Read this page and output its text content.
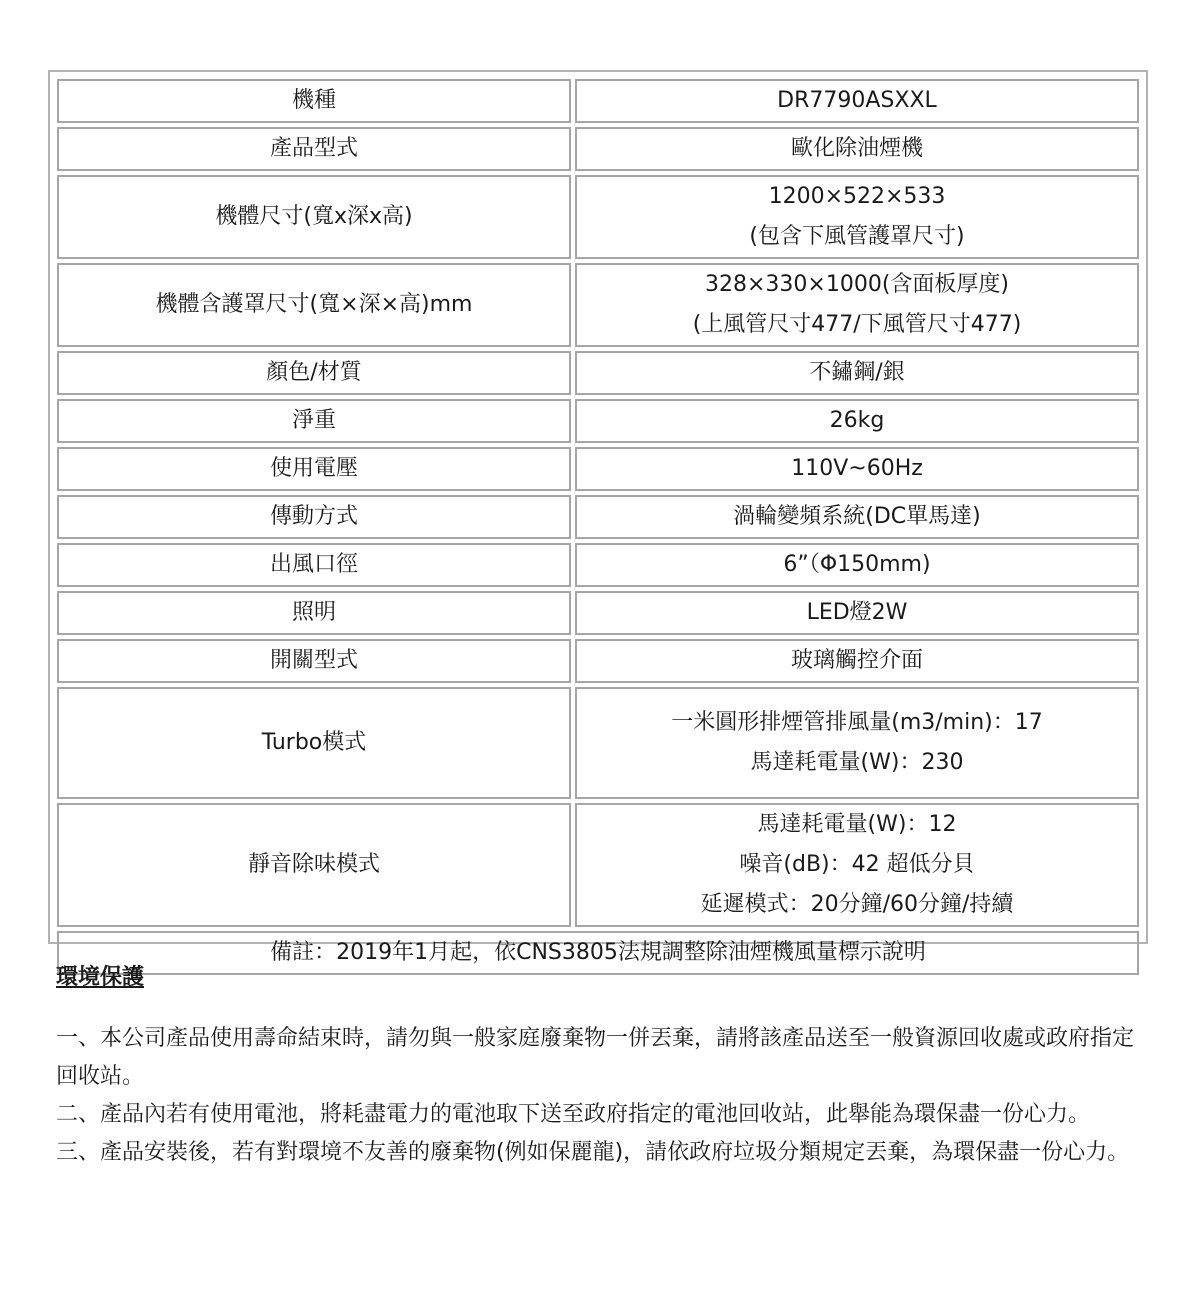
機種	DR7790ASXXL

產品型式	歐化除油煙機

機體尺寸(寬x深x高)	1200×522×533
(包含下風管護罩尺寸)

機體含護罩尺寸(寬×深×高)mm	328×330×1000(含面板厚度)
(上風管尺寸477/下風管尺寸477)

顏色/材質	不鏽鋼/銀

淨重	26kg

使用電壓	110V~60Hz

傳動方式	渦輪變頻系統(DC單馬達)

出風口徑	6”（Φ150mm)

照明	LED燈2W

開關型式	玻璃觸控介面

Turbo模式	一米圓形排煙管排風量(m3/min)：17
馬達耗電量(W)：230

靜音除味模式	馬達耗電量(W)：12
噪音(dB)：42 超低分貝
延遲模式：20分鐘/60分鐘/持續

備註：2019年1月起，依CNS3805法規調整除油煙機風量標示說明	
環境保護

一、本公司產品使用壽命結束時，請勿與一般家庭廢棄物一併丟棄，請將該產品送至一般資源回收處或政府指定回收站。

二、產品內若有使用電池，將耗盡電力的電池取下送至政府指定的電池回收站，此舉能為環保盡一份心力。

三、產品安裝後，若有對環境不友善的廢棄物(例如保麗龍)，請依政府垃圾分類規定丟棄，為環保盡一份心力。
